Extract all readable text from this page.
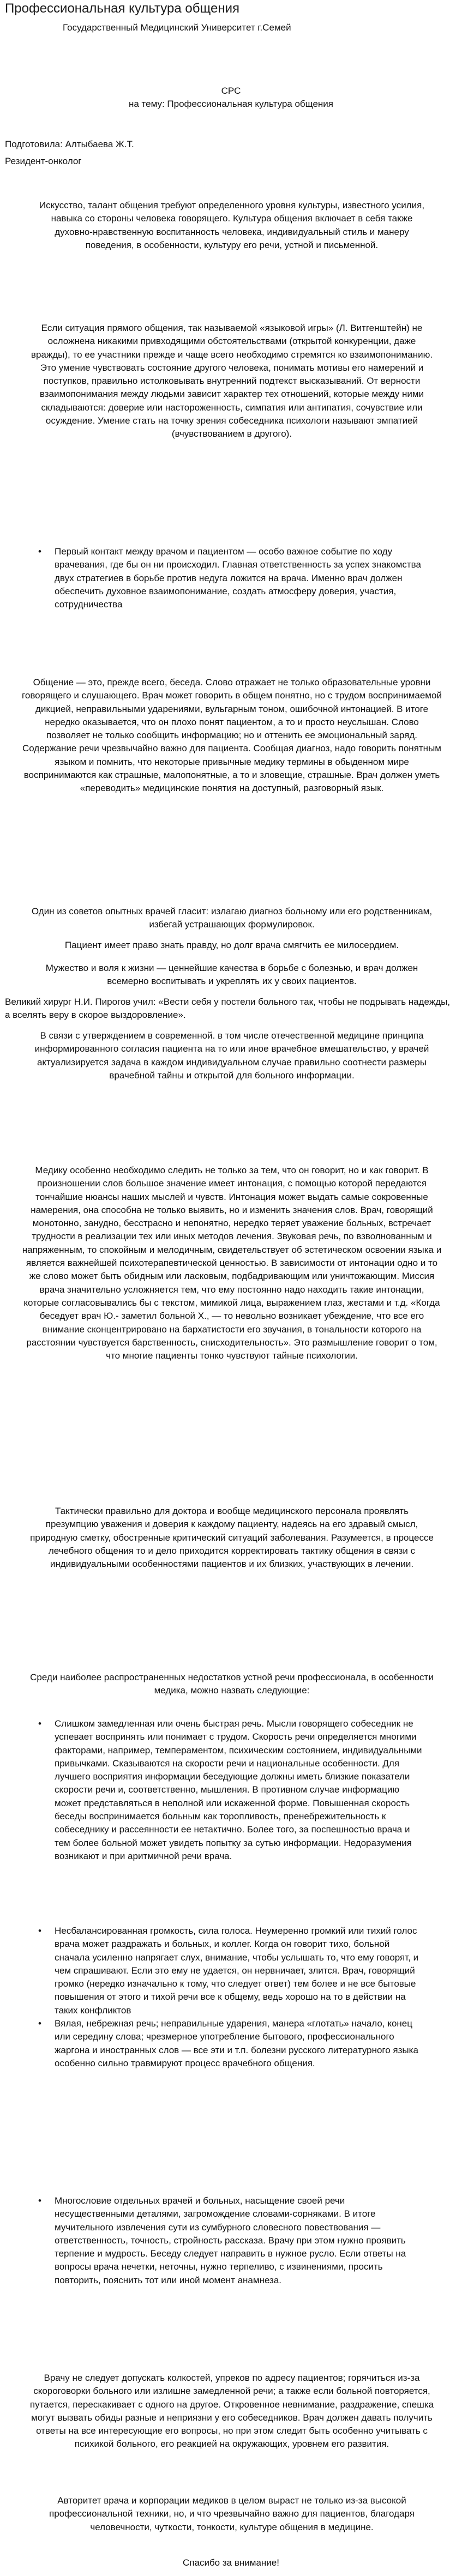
Профессиональная культура общения

Государственный Медицинский Университет г.Семей

СРС

на тему: Профессиональная культура общения

Подготовила: Алтыбаева Ж.Т.

Резидент-онколог

Искусство, талант общения требуют определенного уровня культуры, известного усилия, навыка со стороны человека говорящего. Культура общения включает в себя также духовно-нравственную воспитанность человека, индивидуальный стиль и манеру поведения, в особенности, культуру его речи, устной и письменной.

Если ситуация прямого общения, так называемой «языковой игры» (Л. Витгенштейн) не осложнена никакими привходящими обстоятельствами (открытой конкуренции, даже вражды), то ее участники прежде и чаще всего необходимо стремятся ко взаимопониманию. Это умение чувствовать состояние другого человека, понимать мотивы его намерений и поступков, правильно истолковывать внутренний подтекст высказываний. От верности взаимопонимания между людьми зависит характер тех отношений, которые между ними складываются: доверие или настороженность, симпатия или антипатия, сочувствие или осуждение. Умение стать на точку зрения собеседника психологи называют эмпатией (вчувствованием в другого).

• Первый контакт между врачом и пациентом — особо важное событие по ходу врачевания, где бы он ни происходил. Главная ответственность за успех знакомства двух стратегиев в борьбе против недуга ложится на врача. Именно врач должен обеспечить духовное взаимопонимание, создать атмосферу доверия, участия, сотрудничества

Общение — это, прежде всего, беседа. Слово отражает не только образовательные уровни говорящего и слушающего. Врач может говорить в общем понятно, но с трудом воспринимаемой дикцией, неправильными ударениями, вульгарным тоном, ошибочной интонацией. В итоге нередко оказывается, что он плохо понят пациентом, а то и просто неуслышан. Слово позволяет не только сообщить информацию; но и оттенить ее эмоциональный заряд. Содержание речи чрезвычайно важно для пациента. Сообщая диагноз, надо говорить понятным языком и помнить, что некоторые привычные медику термины в обыденном мире воспринимаются как страшные, малопонятные, а то и зловещие, страшные. Врач должен уметь «переводить» медицинские понятия на доступный, разговорный язык.

Один из советов опытных врачей гласит: излагаю диагноз больному или его родственникам, избегай устрашающих формулировок.

Пациент имеет право знать правду, но долг врача смягчить ее милосердием.

Мужество и воля к жизни — ценнейшие качества в борьбе с болезнью, и врач должен всемерно воспитывать и укреплять их у своих пациентов.

Великий хирург Н.И. Пирогов учил: «Вести себя у постели больного так, чтобы не подрывать надежды, а вселять веру в скорое выздоровление».

В связи с утверждением в современной. в том числе отечественной медицине принципа информированного согласия пациента на то или иное врачебное вмешательство, у врачей актуализируется задача в каждом индивидуальном случае правильно соотнести размеры врачебной тайны и открытой для больного информации.

Медику особенно необходимо следить не только за тем, что он говорит, но и как говорит. В произношении слов большое значение имеет интонация, с помощью которой передаются тончайшие нюансы наших мыслей и чувств. Интонация может выдать самые сокровенные намерения, она способна не только выявить, но и изменить значения слов. Врач, говорящий монотонно, занудно, бесстрасно и непонятно, нередко теряет уважение больных, встречает трудности в реализации тех или иных методов лечения. Звуковая речь, по взволнованным и напряженным, то спокойным и мелодичным, свидетельствует об эстетическом освоении языка и является важнейшей психотерапевтической ценностью. В зависимости от интонации одно и то же слово может быть обидным или ласковым, подбадривающим или уничтожающим. Миссия врача значительно усложняется тем, что ему постоянно надо находить такие интонации, которые согласовывались бы с текстом, мимикой лица, выражением глаз, жестами и т.д. «Когда беседует врач Ю.- заметил больной Х., — то невольно возникает убеждение, что все его внимание сконцентрировано на бархатистости его звучания, в тональности которого на расстоянии чувствуется барственность, снисходительность». Это размышление говорит о том, что многие пациенты тонко чувствуют тайные психологии.

Тактически правильно для доктора и вообще медицинского персонала проявлять презумпцию уважения и доверия к каждому пациенту, надеясь на его здравый смысл, природную сметку, обостренные критический ситуаций заболевания. Разумеется, в процессе лечебного общения то и дело приходится корректировать тактику общения в связи с индивидуальными особенностями пациентов и их близких, участвующих в лечении.

Среди наиболее распространенных недостатков устной речи профессионала, в особенности медика, можно назвать следующие:

• Слишком замедленная или очень быстрая речь. Мысли говорящего собеседник не успевает воспринять или понимает с трудом. Скорость речи определяется многими факторами, например, темпераментом, психическим состоянием, индивидуальными привычками. Сказываются на скорости речи и национальные особенности. Для лучшего восприятия информации беседующие должны иметь близкие показатели скорости речи и, соответственно, мышления. В противном случае информацию может представляться в неполной или искаженной форме. Повышенная скорость беседы воспринимается больным как торопливость, пренебрежительность к собеседнику и рассеянности ее нетактично. Более того, за поспешностью врача и тем более больной может увидеть попытку за сутью информации. Недоразумения возникают и при аритмичной речи врача.
• Несбалансированная громкость, сила голоса. Неумеренно громкий или тихий голос врача может раздражать и больных, и коллег. Когда он говорит тихо, больной сначала усиленно напрягает слух, внимание, чтобы услышать то, что ему говорят, и чем спрашивают. Если это ему не удается, он нервничает, злится. Врач, говорящий громко (нередко изначально к тому, что следует ответ) тем более и не все бытовые повышения от этого и тихой речи все к общему, ведь хорошо на то в действии на таких конфликтов
• Вялая, небрежная речь; неправильные ударения, манера «глотать» начало, конец или середину слова; чрезмерное употребление бытового, профессионального жаргона и иностранных слов — все эти и т.п. болезни русского литературного языка особенно сильно травмируют процесс врачебного общения.
• Многословие отдельных врачей и больных, насыщение своей речи несущественными деталями, загромождение словами-сорняками. В итоге мучительного извлечения сути из сумбурного словесного повествования — ответственность, точность, стройность рассказа. Врачу при этом нужно проявить терпение и мудрость. Беседу следует направить в нужное русло. Если ответы на вопросы врача нечетки, неточны, нужно терпеливо, с извинениями, просить повторить, пояснить тот или иной момент анамнеза.

Врачу не следует допускать колкостей, упреков по адресу пациентов; горячиться из-за скороговорки больного или излишне замедленной речи; а также если больной повторяется, путается, перескакивает с одного на другое. Откровенное невнимание, раздражение, спешка могут вызвать обиды разные и неприязни у его собеседников. Врач должен давать получить ответы на все интересующие его вопросы, но при этом следит быть особенно учитывать с психикой больного, его реакцией на окружающих, уровнем его развития.

Авторитет врача и корпорации медиков в целом выраст не только из-за высокой профессиональной техники, но, и что чрезвычайно важно для пациентов, благодаря человечности, чуткости, тонкости, культуре общения в медицине.

Спасибо за внимание!
